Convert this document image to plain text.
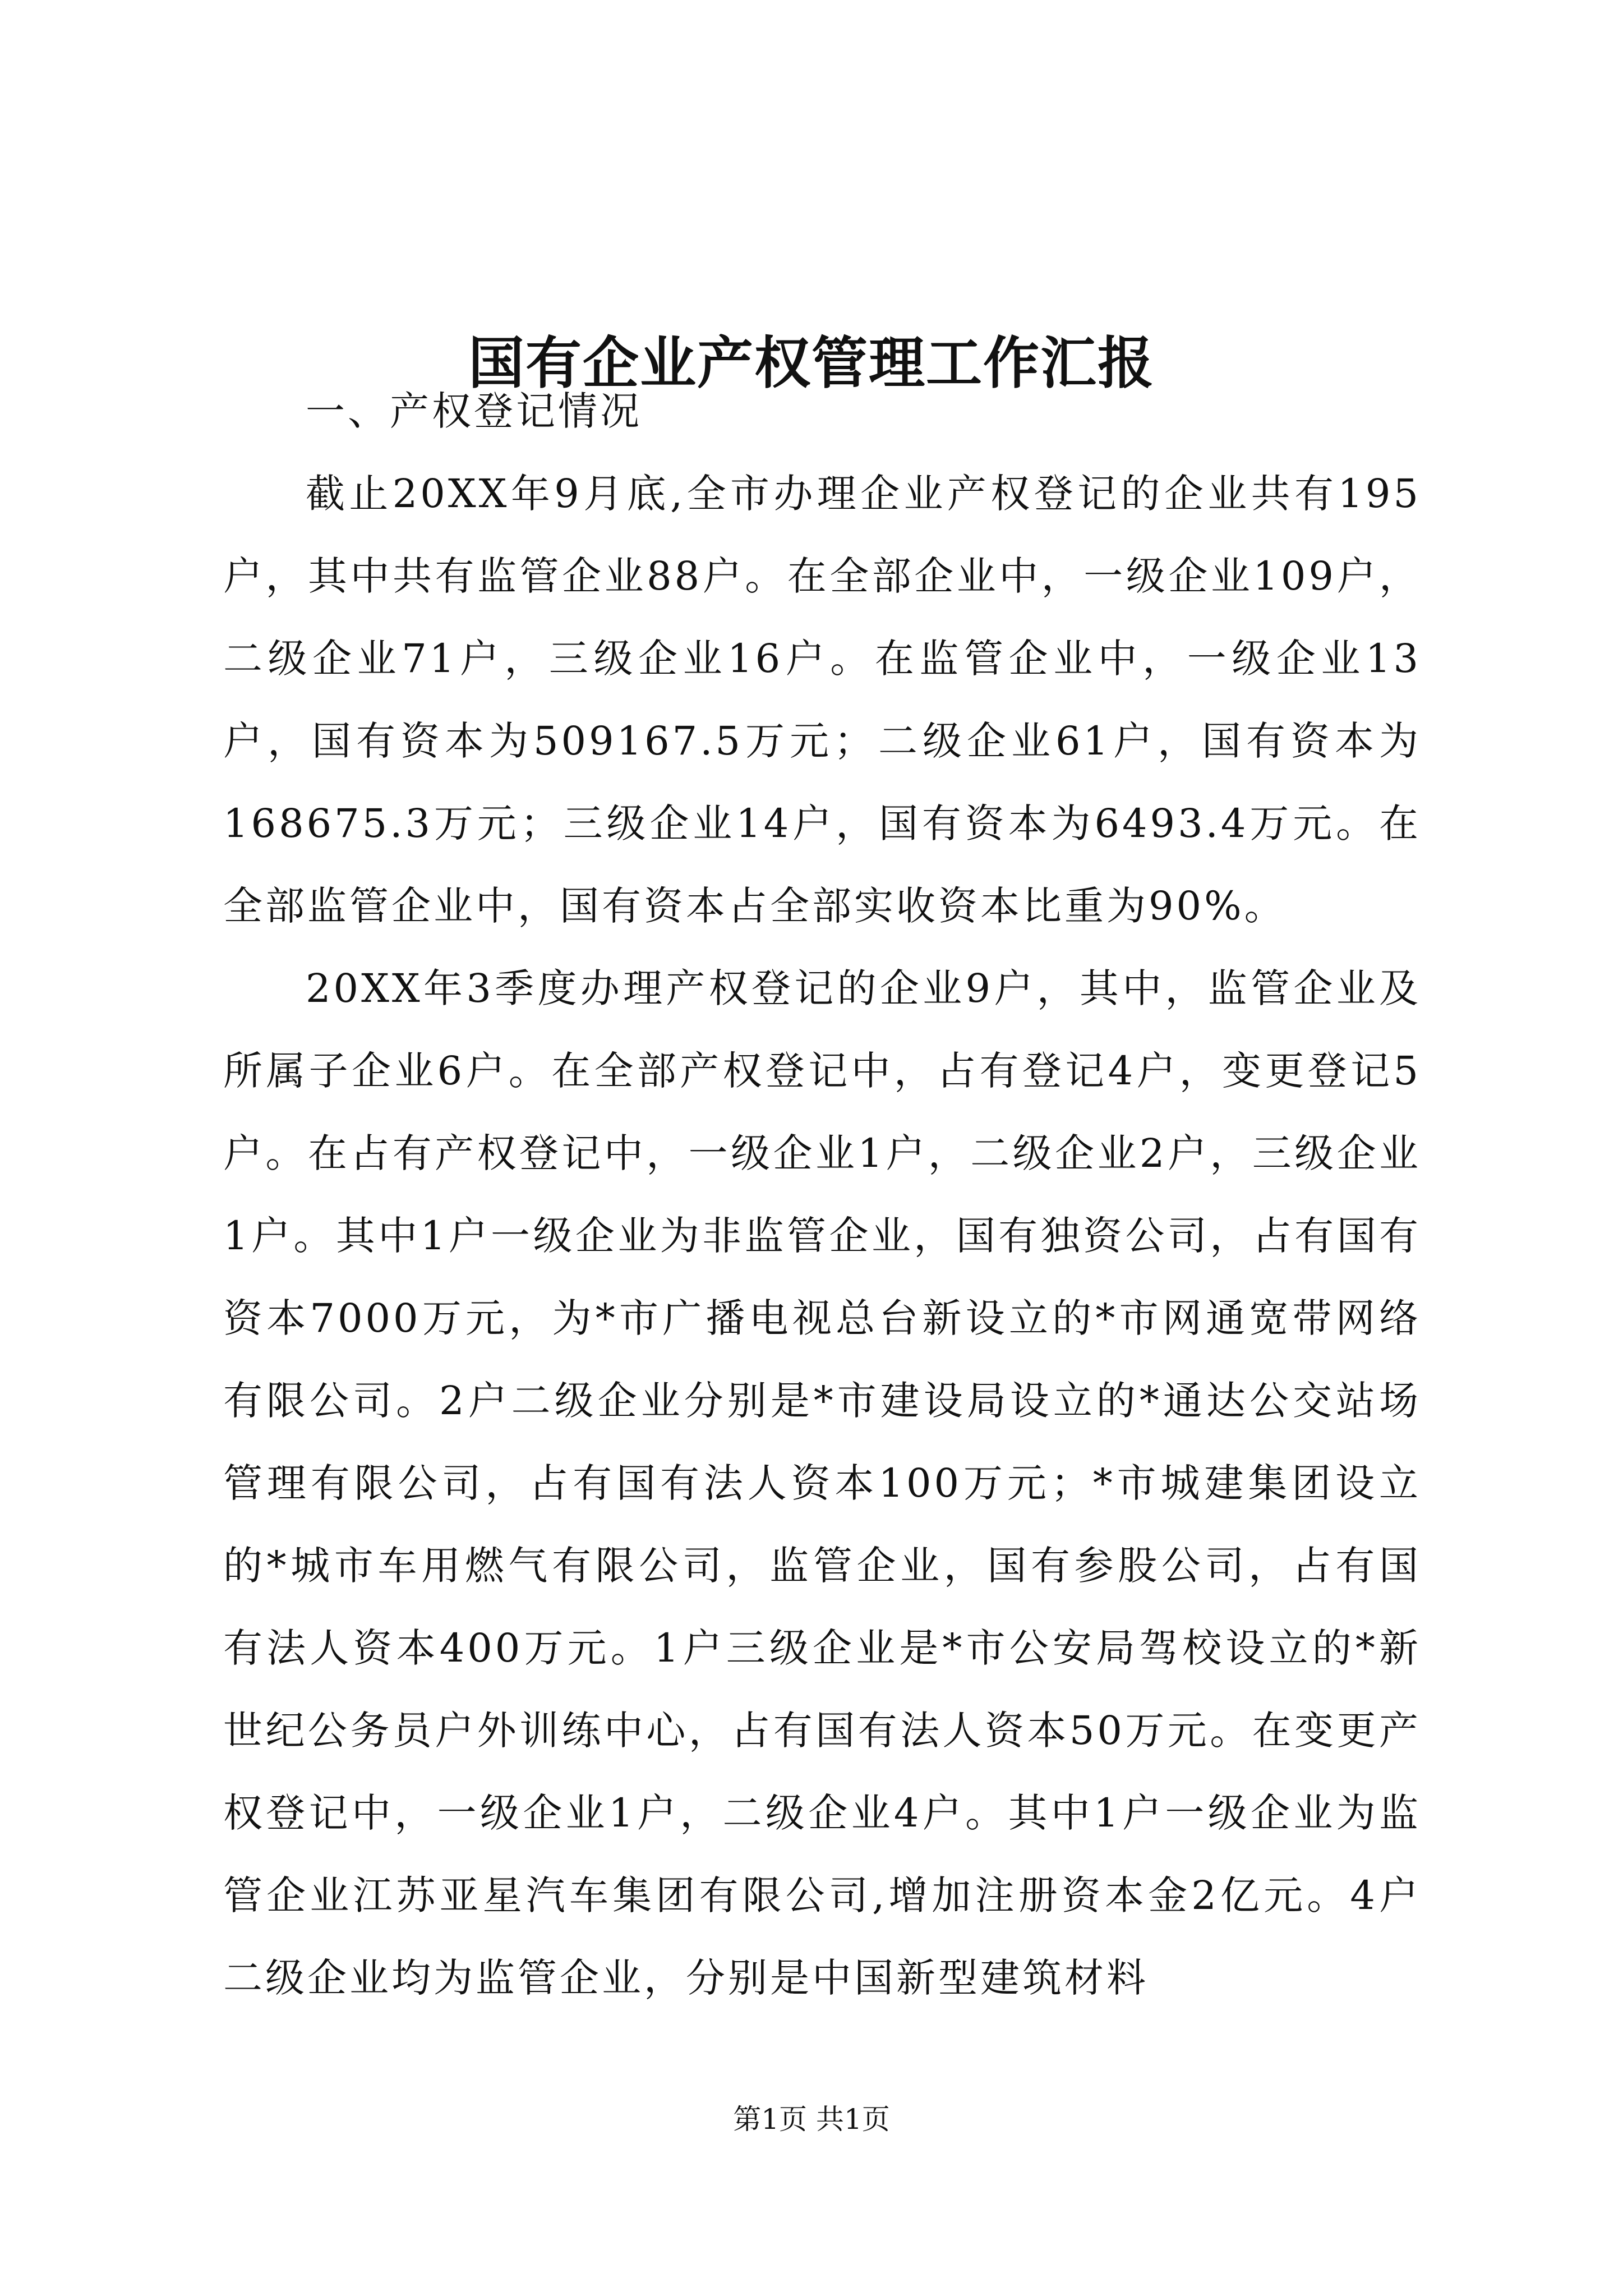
国有企业产权管理工作汇报

一、产权登记情况

截止20XX年9月底,全市办理企业产权登记的企业共有195户，其中共有监管企业88户。在全部企业中，一级企业109户，二级企业71户，三级企业16户。在监管企业中，一级企业13户，国有资本为509167.5万元；二级企业61户，国有资本为168675.3万元；三级企业14户，国有资本为6493.4万元。在全部监管企业中，国有资本占全部实收资本比重为90%。

20XX年3季度办理产权登记的企业9户，其中，监管企业及所属子企业6户。在全部产权登记中，占有登记4户，变更登记5户。在占有产权登记中，一级企业1户，二级企业2户，三级企业1户。其中1户一级企业为非监管企业，国有独资公司，占有国有资本7000万元，为*市广播电视总台新设立的*市网通宽带网络有限公司。2户二级企业分别是*市建设局设立的*通达公交站场管理有限公司，占有国有法人资本100万元；*市城建集团设立的*城市车用燃气有限公司，监管企业，国有参股公司，占有国有法人资本400万元。1户三级企业是*市公安局驾校设立的*新世纪公务员户外训练中心，占有国有法人资本50万元。在变更产权登记中，一级企业1户，二级企业4户。其中1户一级企业为监管企业江苏亚星汽车集团有限公司,增加注册资本金2亿元。4户二级企业均为监管企业，分别是中国新型建筑材料

第1页 共1页
